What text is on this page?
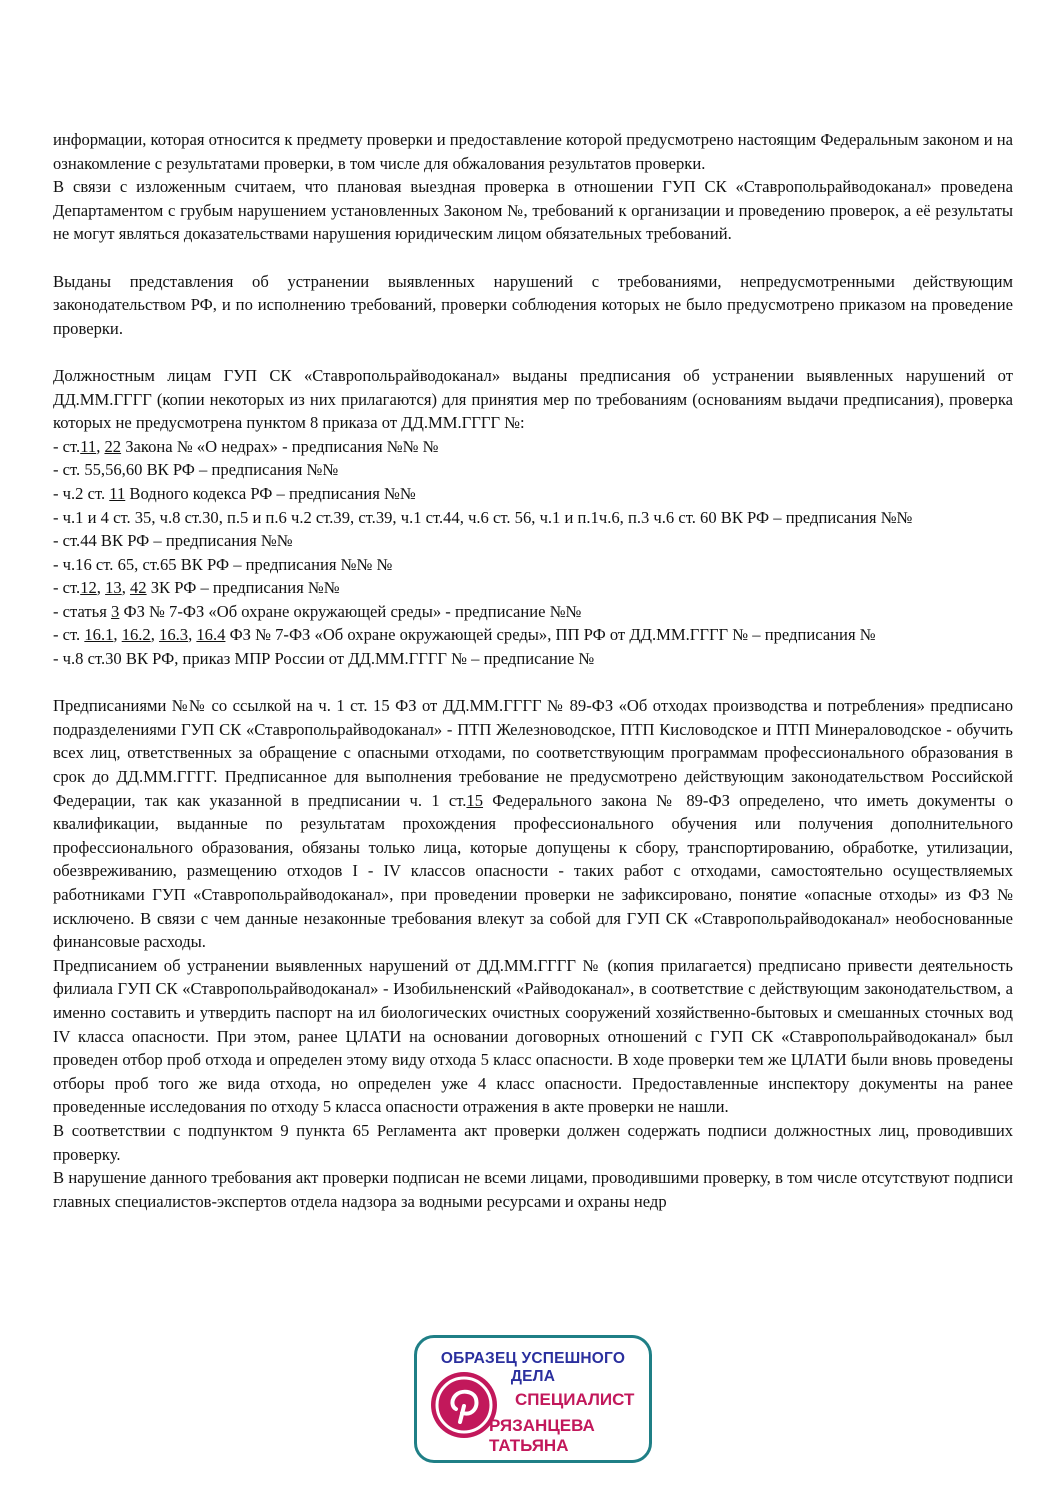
информации, которая относится к предмету проверки и предоставление которой предусмотрено настоящим Федеральным законом и на ознакомление с результатами проверки, в том числе для обжалования результатов проверки.

В связи с изложенным считаем, что плановая выездная проверка в отношении ГУП СК «Ставропольрайводоканал» проведена Департаментом с грубым нарушением установленных Законом №, требований к организации и проведению проверок, а её результаты не могут являться доказательствами нарушения юридическим лицом обязательных требований.

Выданы представления об устранении выявленных нарушений с требованиями, непредусмотренными действующим законодательством РФ, и по исполнению требований, проверки соблюдения которых не было предусмотрено приказом на проведение проверки.

Должностным лицам ГУП СК «Ставропольрайводоканал» выданы предписания об устранении выявленных нарушений от ДД.ММ.ГГГГ (копии некоторых из них прилагаются) для принятия мер по требованиям (основаниям выдачи предписания), проверка которых не предусмотрена пунктом 8 приказа от ДД.ММ.ГГГГ №:

- ст.11, 22 Закона № «О недрах» - предписания №№ №
- ст. 55,56,60 ВК РФ – предписания №№
- ч.2 ст. 11 Водного кодекса РФ – предписания №№
- ч.1 и 4 ст. 35, ч.8 ст.30, п.5 и п.6 ч.2 ст.39, ст.39, ч.1 ст.44, ч.6 ст. 56, ч.1 и п.1ч.6, п.3 ч.6 ст. 60 ВК РФ – предписания №№
- ст.44 ВК РФ – предписания №№
- ч.16 ст. 65, ст.65 ВК РФ – предписания №№ №
- ст.12, 13, 42 ЗК РФ – предписания №№
- статья 3 ФЗ № 7-ФЗ «Об охране окружающей среды» - предписание №№
- ст. 16.1, 16.2, 16.3, 16.4 ФЗ № 7-ФЗ «Об охране окружающей среды», ПП РФ от ДД.ММ.ГГГГ № – предписания №
- ч.8 ст.30 ВК РФ, приказ МПР России от ДД.ММ.ГГГГ № – предписание №

Предписаниями №№ со ссылкой на ч. 1 ст. 15 ФЗ от ДД.ММ.ГГГГ № 89-ФЗ «Об отходах производства и потребления» предписано подразделениями ГУП СК «Ставропольрайводоканал» - ПТП Железноводское, ПТП Кисловодское и ПТП Минераловодское - обучить всех лиц, ответственных за обращение с опасными отходами, по соответствующим программам профессионального образования в срок до ДД.ММ.ГГГГ. Предписанное для выполнения требование не предусмотрено действующим законодательством Российской Федерации, так как указанной в предписании ч. 1 ст.15 Федерального закона № 89-ФЗ определено, что иметь документы о квалификации, выданные по результатам прохождения профессионального обучения или получения дополнительного профессионального образования, обязаны только лица, которые допущены к сбору, транспортированию, обработке, утилизации, обезвреживанию, размещению отходов I - IV классов опасности - таких работ с отходами, самостоятельно осуществляемых работниками ГУП «Ставропольрайводоканал», при проведении проверки не зафиксировано, понятие «опасные отходы» из ФЗ № исключено. В связи с чем данные незаконные требования влекут за собой для ГУП СК «Ставропольрайводоканал» необоснованные финансовые расходы.

Предписанием об устранении выявленных нарушений от ДД.ММ.ГГГГ № (копия прилагается) предписано привести деятельность филиала ГУП СК «Ставропольрайводоканал» - Изобильненский «Райводоканал», в соответствие с действующим законодательством, а именно составить и утвердить паспорт на ил биологических очистных сооружений хозяйственно-бытовых и смешанных сточных вод IV класса опасности. При этом, ранее ЦЛАТИ на основании договорных отношений с ГУП СК «Ставропольрайводоканал» был проведен отбор проб отхода и определен этому виду отхода 5 класс опасности. В ходе проверки тем же ЦЛАТИ были вновь проведены отборы проб того же вида отхода, но определен уже 4 класс опасности. Предоставленные инспектору документы на ранее проведенные исследования по отходу 5 класса опасности отражения в акте проверки не нашли.

В соответствии с подпунктом 9 пункта 65 Регламента акт проверки должен содержать подписи должностных лиц, проводивших проверку.

В нарушение данного требования акт проверки подписан не всеми лицами, проводившими проверку, в том числе отсутствуют подписи главных специалистов-экспертов отдела надзора за водными ресурсами и охраны недр

ОБРАЗЕЦ УСПЕШНОГО ДЕЛА
СПЕЦИАЛИСТ
РЯЗАНЦЕВА ТАТЬЯНА
